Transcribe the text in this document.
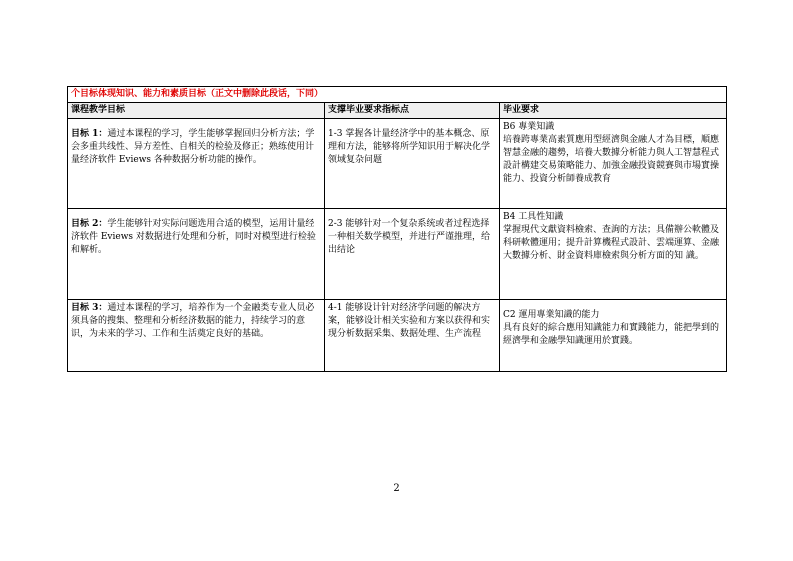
个目标体现知识、能力和素质目标（正文中删除此段话，下同）		
课程教学目标	支撑毕业要求指标点	毕业要求
目标 1：通过本课程的学习，学生能够掌握回归分析方法；学会多重共线性、异方差性、自相关的检验及修正；熟练使用计量经济软件 Eviews 各种数据分析功能的操作。	1-3 掌握各计量经济学中的基本概念、原理和方法，能够将所学知识用于解决化学领域复杂问题	B6 專業知識
培養跨專業高素質應用型經濟與金融人才為目標，順應智慧金融的趨勢，培養大數據分析能力與人工智慧程式設計構建交易策略能力、加強金融投資競賽與市場實操能力、投資分析師養成教育

目标 2：学生能够针对实际问题选用合适的模型，运用计量经济软件 Eviews 对数据进行处理和分析，同时对模型进行检验和解析。	2-3 能够针对一个复杂系统或者过程选择一种相关数学模型，并进行严谨推理，给出结论	B4 工具性知識
掌握現代文獻資料檢索、查詢的方法；具備辦公軟體及科研軟體運用；提升計算機程式設計、雲端運算、金融大數據分析、財金資料庫檢索與分析方面的知 識。

目标 3：通过本课程的学习，培养作为一个金融类专业人员必须具备的搜集、整理和分析经济数据的能力，持续学习的意识，为未来的学习、工作和生活奠定良好的基础。	4-1 能够设计针对经济学问题的解决方案，能够设计相关实验和方案以获得和实现分析数据采集、数据处理、生产流程	C2 運用專業知識的能力
具有良好的綜合應用知識能力和實踐能力，能把學到的經濟學和金融學知識運用於實踐。
2
